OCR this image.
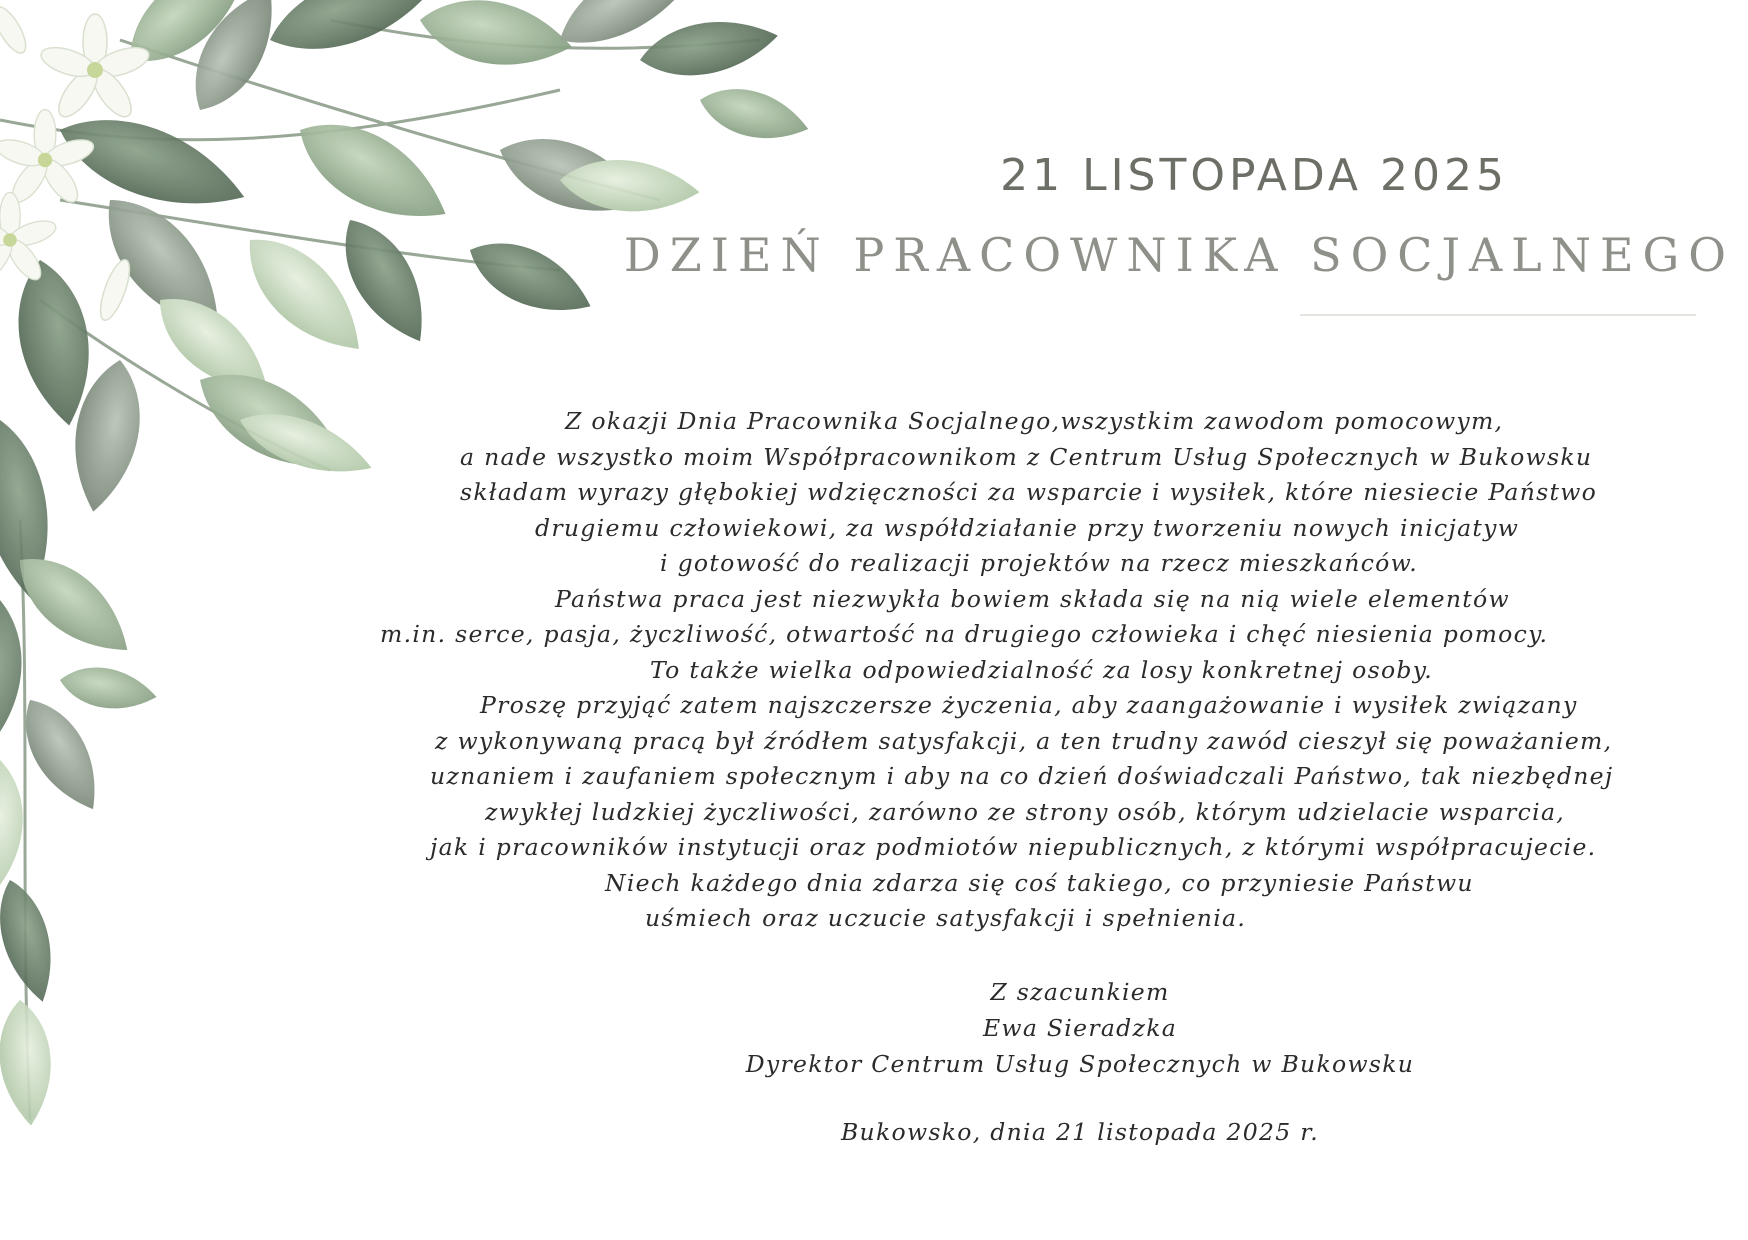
21 LISTOPADA 2025
DZIEŃ PRACOWNIKA SOCJALNEGO
Z okazji Dnia Pracownika Socjalnego,wszystkim zawodom pomocowym,
a nade wszystko moim Współpracownikom z Centrum Usług Społecznych w Bukowsku
składam wyrazy głębokiej wdzięczności za wsparcie i wysiłek, które niesiecie Państwo
drugiemu człowiekowi, za współdziałanie przy tworzeniu nowych inicjatyw
i gotowość do realizacji projektów na rzecz mieszkańców.
Państwa praca jest niezwykła bowiem składa się na nią wiele elementów
m.in. serce, pasja, życzliwość, otwartość na drugiego człowieka i chęć niesienia pomocy.
To także wielka odpowiedzialność za losy konkretnej osoby.
Proszę przyjąć zatem najszczersze życzenia, aby zaangażowanie i wysiłek związany
z wykonywaną pracą był źródłem satysfakcji, a ten trudny zawód cieszył się poważaniem,
uznaniem i zaufaniem społecznym i aby na co dzień doświadczali Państwo, tak niezbędnej
zwykłej ludzkiej życzliwości, zarówno ze strony osób, którym udzielacie wsparcia,
jak i pracowników instytucji oraz podmiotów niepublicznych, z którymi współpracujecie.
Niech każdego dnia zdarza się coś takiego, co przyniesie Państwu
uśmiech oraz uczucie satysfakcji i spełnienia.
Z szacunkiem
Ewa Sieradzka
Dyrektor Centrum Usług Społecznych w Bukowsku
Bukowsko, dnia 21 listopada 2025 r.
